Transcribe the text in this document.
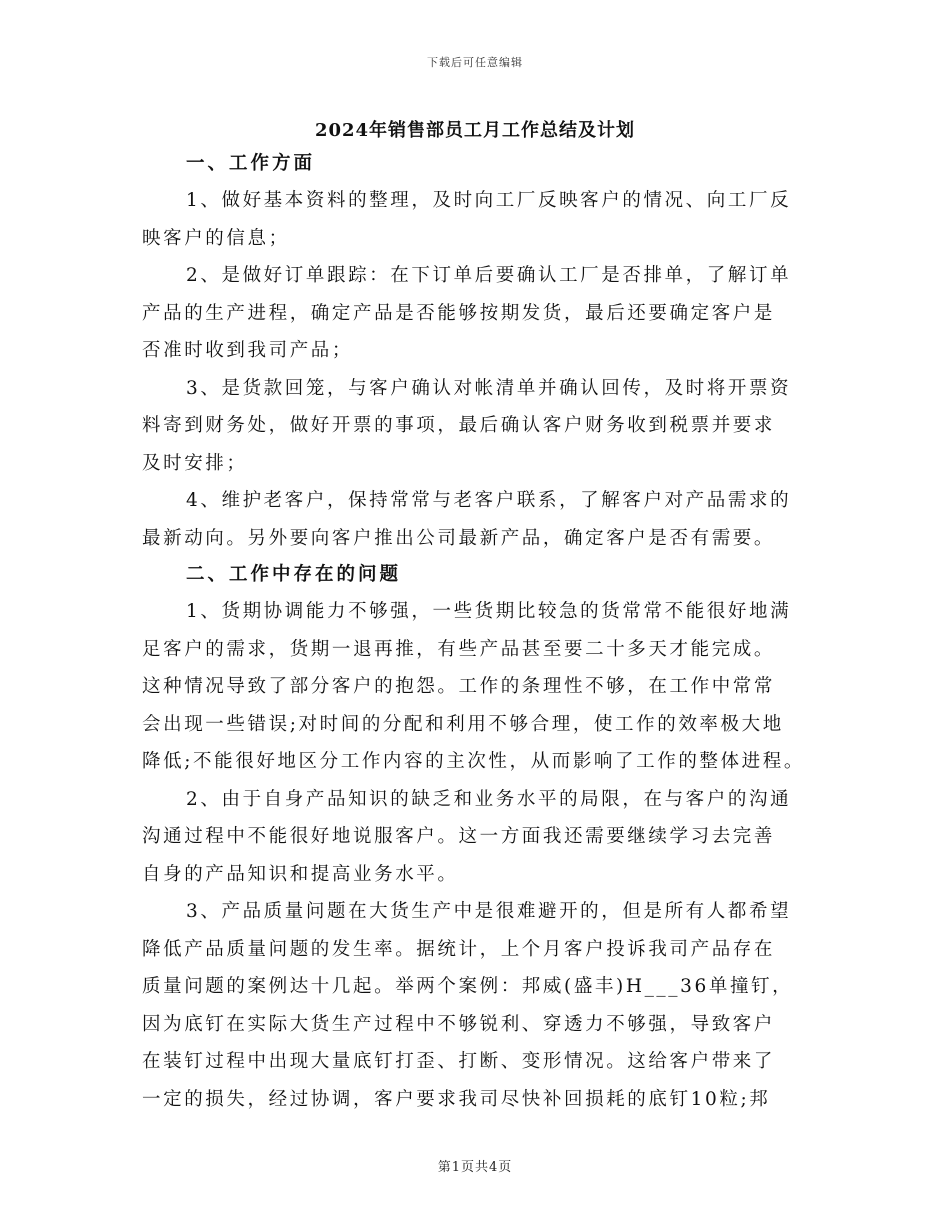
下载后可任意编辑
2024年销售部员工月工作总结及计划
一、工作方面
1、做好基本资料的整理，及时向工厂反映客户的情况、向工厂反
映客户的信息；
2、是做好订单跟踪：在下订单后要确认工厂是否排单，了解订单
产品的生产进程，确定产品是否能够按期发货，最后还要确定客户是
否准时收到我司产品；
3、是货款回笼，与客户确认对帐清单并确认回传，及时将开票资
料寄到财务处，做好开票的事项，最后确认客户财务收到税票并要求
及时安排；
4、维护老客户，保持常常与老客户联系，了解客户对产品需求的
最新动向。另外要向客户推出公司最新产品，确定客户是否有需要。
二、工作中存在的问题
1、货期协调能力不够强，一些货期比较急的货常常不能很好地满
足客户的需求，货期一退再推，有些产品甚至要二十多天才能完成。
这种情况导致了部分客户的抱怨。工作的条理性不够，在工作中常常
会出现一些错误;对时间的分配和利用不够合理，使工作的效率极大地
降低;不能很好地区分工作内容的主次性，从而影响了工作的整体进程。
2、由于自身产品知识的缺乏和业务水平的局限，在与客户的沟通
沟通过程中不能很好地说服客户。这一方面我还需要继续学习去完善
自身的产品知识和提高业务水平。
3、产品质量问题在大货生产中是很难避开的，但是所有人都希望
降低产品质量问题的发生率。据统计，上个月客户投诉我司产品存在
质量问题的案例达十几起。举两个案例：邦威(盛丰)H___36单撞钉，
因为底钉在实际大货生产过程中不够锐利、穿透力不够强，导致客户
在装钉过程中出现大量底钉打歪、打断、变形情况。这给客户带来了
一定的损失，经过协调，客户要求我司尽快补回损耗的底钉10粒;邦
第1页共4页
